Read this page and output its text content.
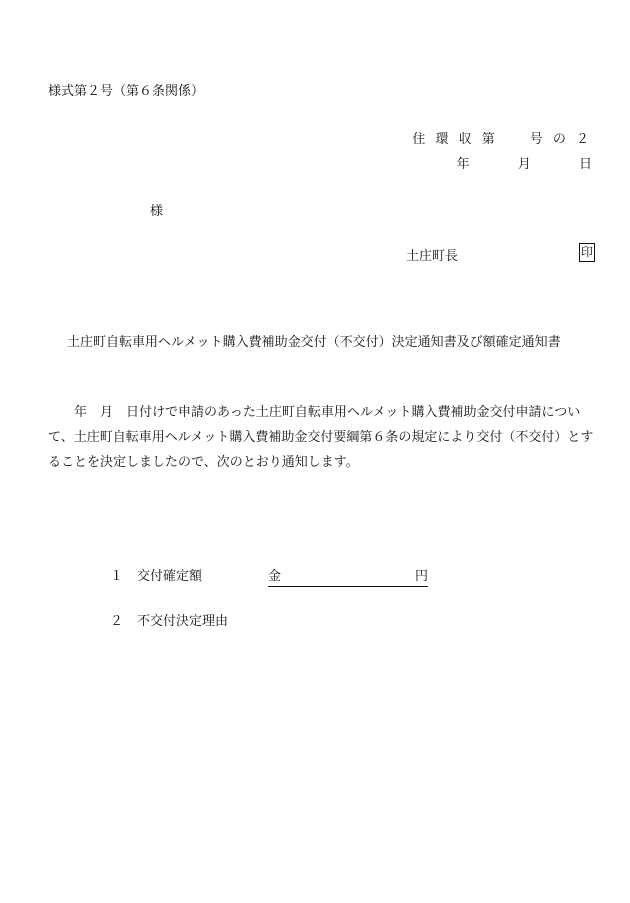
様式第２号（第６条関係）
住 環 収 第　　号 の ２
年	月	日
様
土庄町長	印
土庄町自転車用ヘルメット購入費補助金交付（不交付）決定通知書及び額確定通知書

　　年　月　日付けで申請のあった土庄町自転車用ヘルメット購入費補助金交付申請について、土庄町自転車用ヘルメット購入費補助金交付要綱第６条の規定により交付（不交付）とすることを決定しましたので、次のとおり通知します。

１ 交付確定額	金	円
２ 不交付決定理由
